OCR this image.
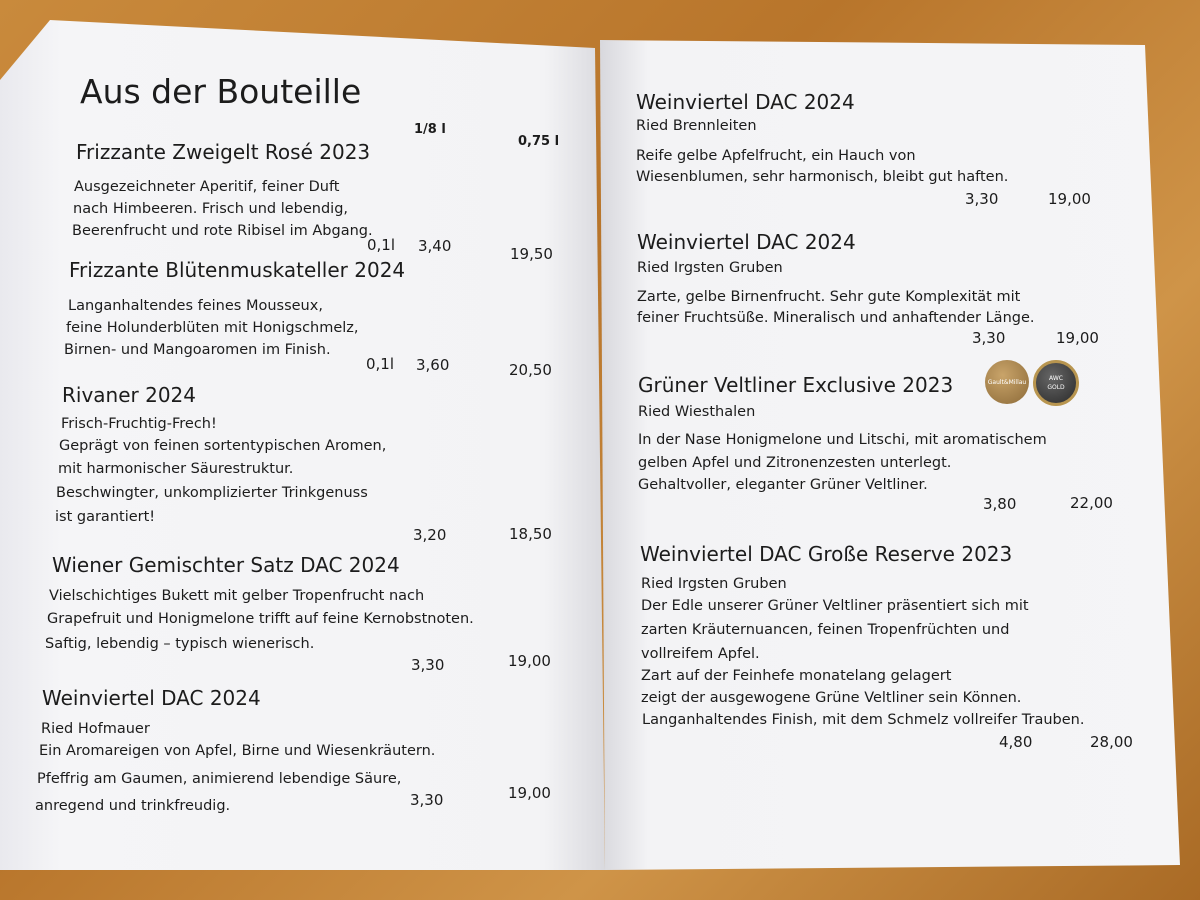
Aus der Bouteille
1/8 l
0,75 l
Frizzante Zweigelt Rosé 2023
Ausgezeichneter Aperitif, feiner Duft
nach Himbeeren. Frisch und lebendig,
Beerenfrucht und rote Ribisel im Abgang.
0,1l 3,40	19,50
Frizzante Blütenmuskateller 2024
Langanhaltendes feines Mousseux,
feine Holunderblüten mit Honigschmelz,
Birnen- und Mangoaromen im Finish.
0,1l 3,60	20,50
Rivaner 2024
Frisch-Fruchtig-Frech!
Geprägt von feinen sortentypischen Aromen,
mit harmonischer Säurestruktur.
Beschwingter, unkomplizierter Trinkgenuss
ist garantiert!
3,20	18,50
Wiener Gemischter Satz DAC 2024
Vielschichtiges Bukett mit gelber Tropenfrucht nach
Grapefruit und Honigmelone trifft auf feine Kernobstnoten.
Saftig, lebendig – typisch wienerisch.
3,30	19,00
Weinviertel DAC 2024
Ried Hofmauer
Ein Aromareigen von Apfel, Birne und Wiesenkräutern.
Pfeffrig am Gaumen, animierend lebendige Säure,
anregend und trinkfreudig.	3,30	19,00
Weinviertel DAC 2024
Ried Brennleiten
Reife gelbe Apfelfrucht, ein Hauch von
Wiesenblumen, sehr harmonisch, bleibt gut haften.
3,30	19,00
Weinviertel DAC 2024
Ried Irgsten Gruben
Zarte, gelbe Birnenfrucht. Sehr gute Komplexität mit
feiner Fruchtsüße. Mineralisch und anhaftender Länge.
3,30	19,00
Grüner Veltliner Exclusive 2023	Gault&Millau	AWC
GOLD
Ried Wiesthalen
In der Nase Honigmelone und Litschi, mit aromatischem
gelben Apfel und Zitronenzesten unterlegt.
Gehaltvoller, eleganter Grüner Veltliner.
3,80	22,00
Weinviertel DAC Große Reserve 2023
Ried Irgsten Gruben
Der Edle unserer Grüner Veltliner präsentiert sich mit
zarten Kräuternuancen, feinen Tropenfrüchten und
vollreifem Apfel.
Zart auf der Feinhefe monatelang gelagert
zeigt der ausgewogene Grüne Veltliner sein Können.
Langanhaltendes Finish, mit dem Schmelz vollreifer Trauben.
4,80	28,00
